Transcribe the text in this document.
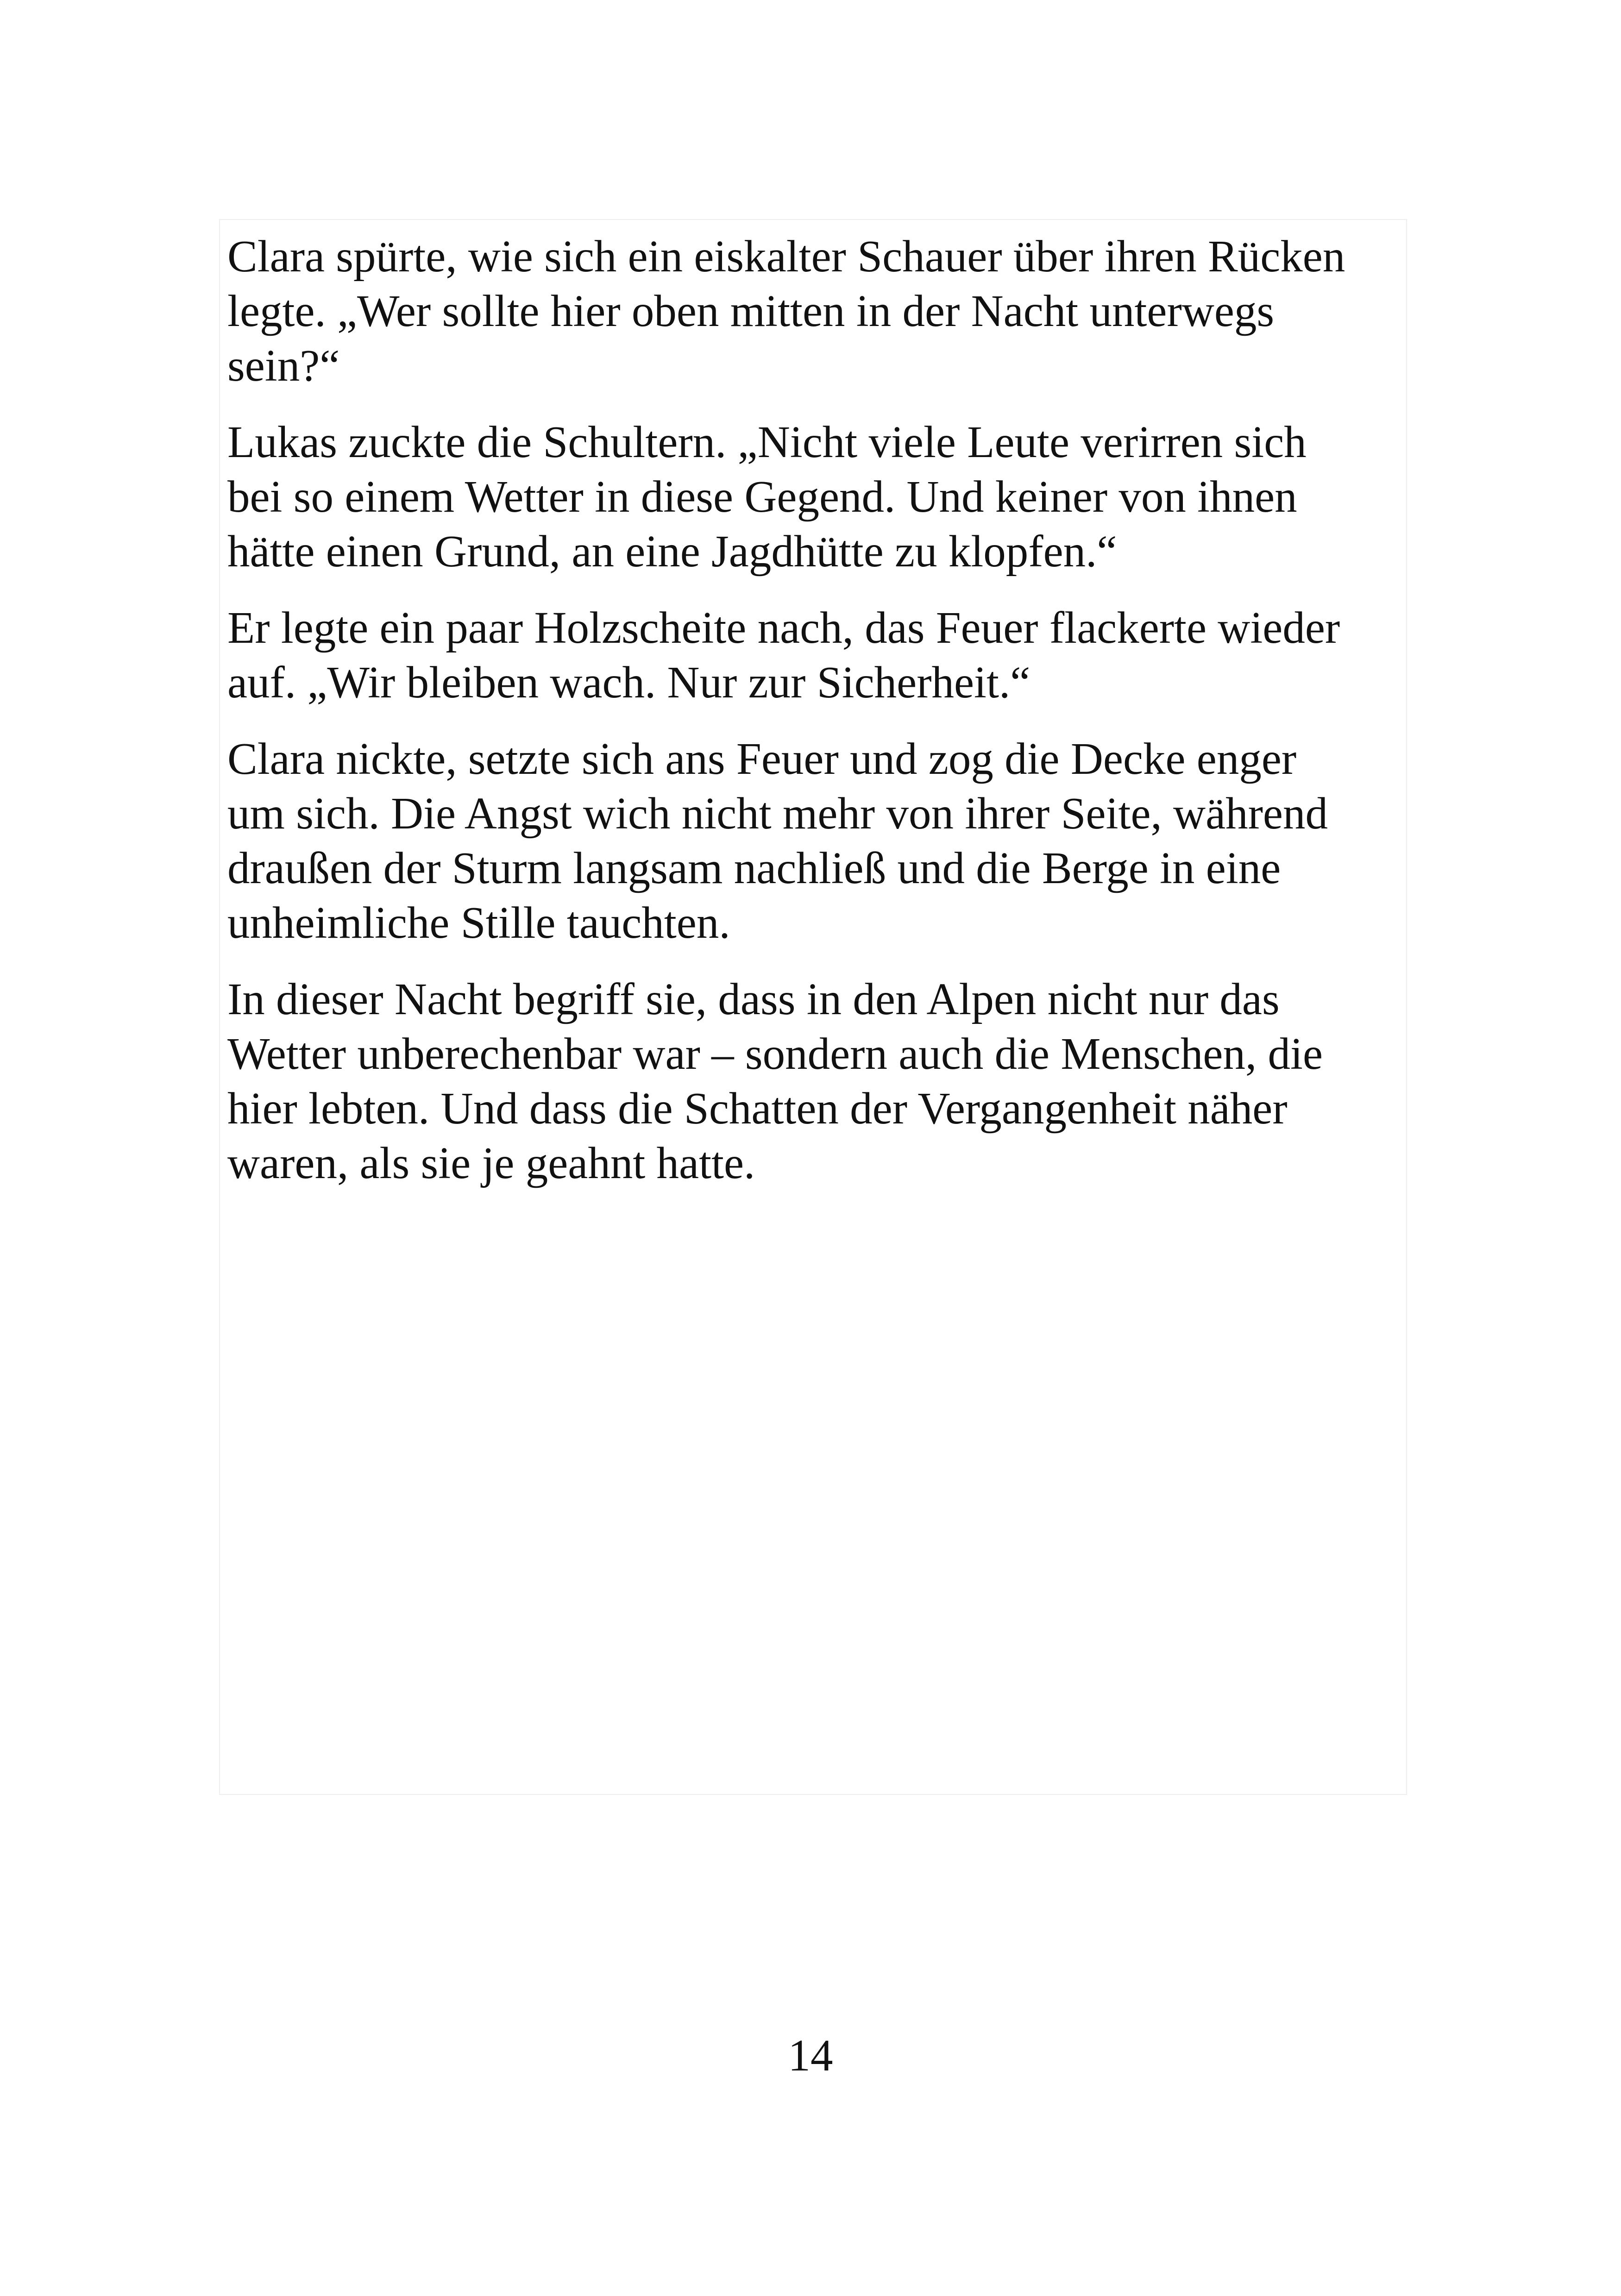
Clara spürte, wie sich ein eiskalter Schauer über ihren Rücken
legte. „Wer sollte hier oben mitten in der Nacht unterwegs
sein?“

Lukas zuckte die Schultern. „Nicht viele Leute verirren sich
bei so einem Wetter in diese Gegend. Und keiner von ihnen
hätte einen Grund, an eine Jagdhütte zu klopfen.“

Er legte ein paar Holzscheite nach, das Feuer flackerte wieder
auf. „Wir bleiben wach. Nur zur Sicherheit.“

Clara nickte, setzte sich ans Feuer und zog die Decke enger
um sich. Die Angst wich nicht mehr von ihrer Seite, während
draußen der Sturm langsam nachließ und die Berge in eine
unheimliche Stille tauchten.

In dieser Nacht begriff sie, dass in den Alpen nicht nur das
Wetter unberechenbar war – sondern auch die Menschen, die
hier lebten. Und dass die Schatten der Vergangenheit näher
waren, als sie je geahnt hatte.

14
